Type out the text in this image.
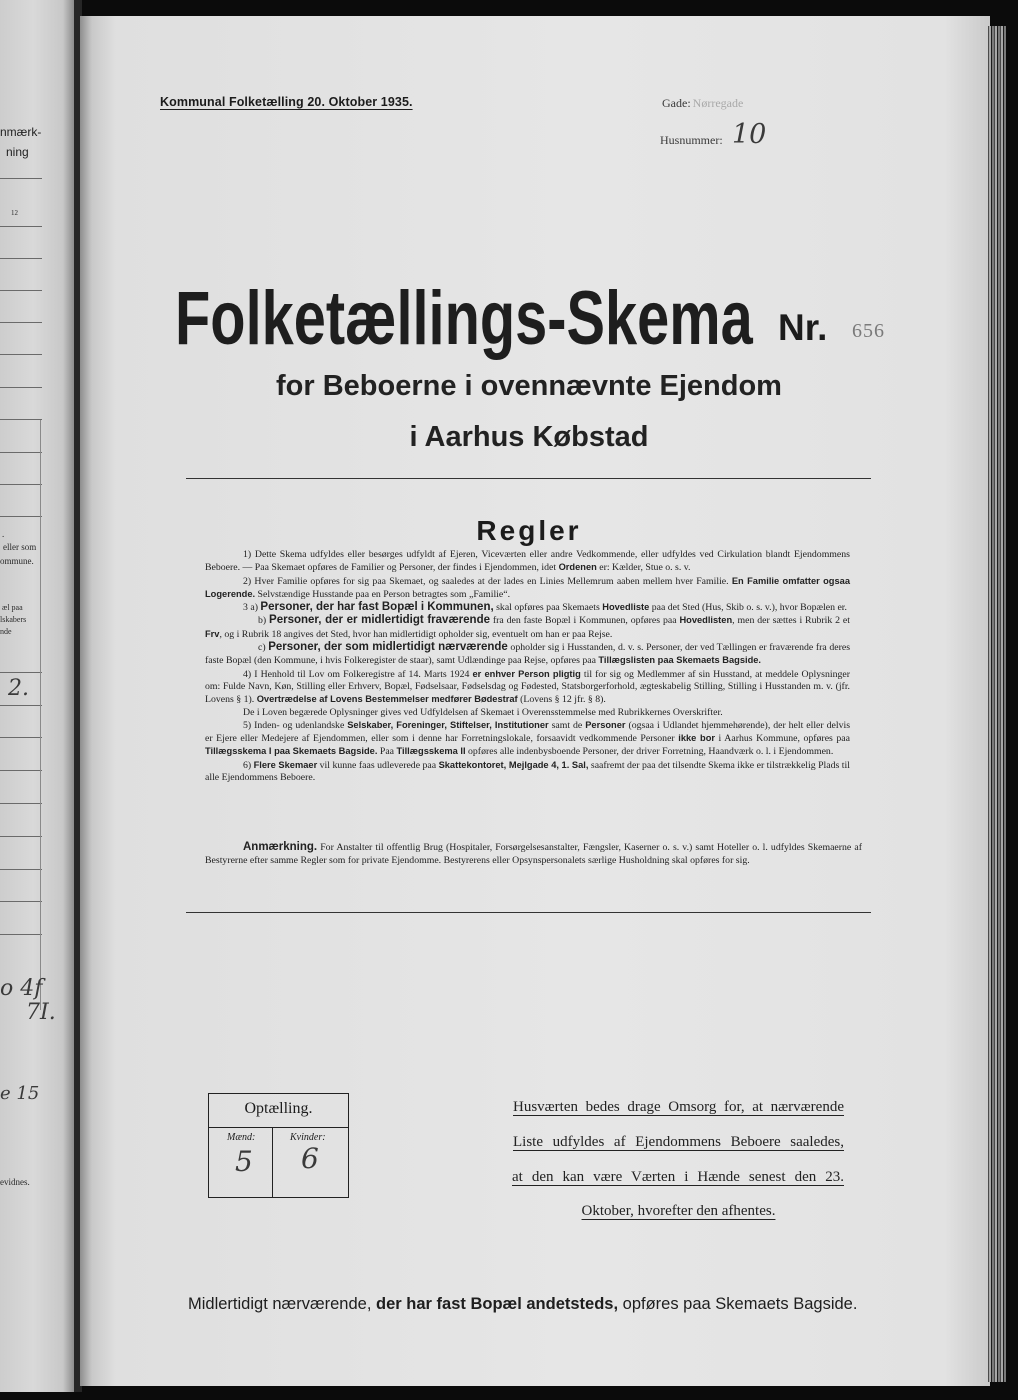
nmærk-
ning
12
.
eller som
ommune.
æl paa
lskabers
nde
2.
o 4f
7I.
e 15
evidnes.
Kommunal Folketælling 20. Oktober 1935.	Gade: Nørregade
Husnummer: 10
Folketællings-Skema Nr. 656
for Beboerne i ovennævnte Ejendom
i Aarhus Købstad
Regler

1) Dette Skema udfyldes eller besørges udfyldt af Ejeren, Viceværten eller andre Vedkommende, eller udfyldes ved Cirkulation blandt Ejendommens Beboere. — Paa Skemaet opføres de Familier og Personer, der findes i Ejendommen, idet Ordenen er: Kælder, Stue o. s. v.

2) Hver Familie opføres for sig paa Skemaet, og saaledes at der lades en Linies Mellemrum aaben mellem hver Familie. En Familie omfatter ogsaa Logerende. Selvstændige Husstande paa en Person betragtes som „Familie“.

3 a) Personer, der har fast Bopæl i Kommunen, skal opføres paa Skemaets Hovedliste paa det Sted (Hus, Skib o. s. v.), hvor Bopælen er.

b) Personer, der er midlertidigt fraværende fra den faste Bopæl i Kommunen, opføres paa Hovedlisten, men der sættes i Rubrik 2 et Frv, og i Rubrik 18 angives det Sted, hvor han midlertidigt opholder sig, eventuelt om han er paa Rejse.

c) Personer, der som midlertidigt nærværende opholder sig i Husstanden, d. v. s. Personer, der ved Tællingen er fraværende fra deres faste Bopæl (den Kommune, i hvis Folkeregister de staar), samt Udlændinge paa Rejse, opføres paa Tillægslisten paa Skemaets Bagside.

4) I Henhold til Lov om Folkeregistre af 14. Marts 1924 er enhver Person pligtig til for sig og Medlemmer af sin Husstand, at meddele Oplysninger om: Fulde Navn, Køn, Stilling eller Erhverv, Bopæl, Fødselsaar, Fødselsdag og Fødested, Statsborgerforhold, ægteskabelig Stilling, Stilling i Husstanden m. v. (jfr. Lovens § 1). Overtrædelse af Lovens Bestemmelser medfører Bødestraf (Lovens § 12 jfr. § 8).

De i Loven begærede Oplysninger gives ved Udfyldelsen af Skemaet i Overensstemmelse med Rubrikkernes Overskrifter.

5) Inden- og udenlandske Selskaber, Foreninger, Stiftelser, Institutioner samt de Personer (ogsaa i Udlandet hjemmehørende), der helt eller delvis er Ejere eller Medejere af Ejendommen, eller som i denne har Forretningslokale, forsaavidt vedkommende Personer ikke bor i Aarhus Kommune, opføres paa Tillægsskema I paa Skemaets Bagside. Paa Tillægsskema II opføres alle indenbysboende Personer, der driver Forretning, Haandværk o. l. i Ejendommen.

6) Flere Skemaer vil kunne faas udleverede paa Skattekontoret, Mejlgade 4, 1. Sal, saafremt der paa det tilsendte Skema ikke er tilstrækkelig Plads til alle Ejendommens Beboere.

Anmærkning. For Anstalter til offentlig Brug (Hospitaler, Forsørgelsesanstalter, Fængsler, Kaserner o. s. v.) samt Hoteller o. l. udfyldes Skemaerne af Bestyrerne efter samme Regler som for private Ejendomme. Bestyrerens eller Opsynspersonalets særlige Husholdning skal opføres for sig.

Optælling.
Mænd:	Kvinder:
5 6
Husværten bedes drage Omsorg for, at nærværende
Liste udfyldes af Ejendommens Beboere saaledes,
at den kan være Værten i Hænde senest den 23.
Oktober, hvorefter den afhentes.
Midlertidigt nærværende, der har fast Bopæl andetsteds, opføres paa Skemaets Bagside.
